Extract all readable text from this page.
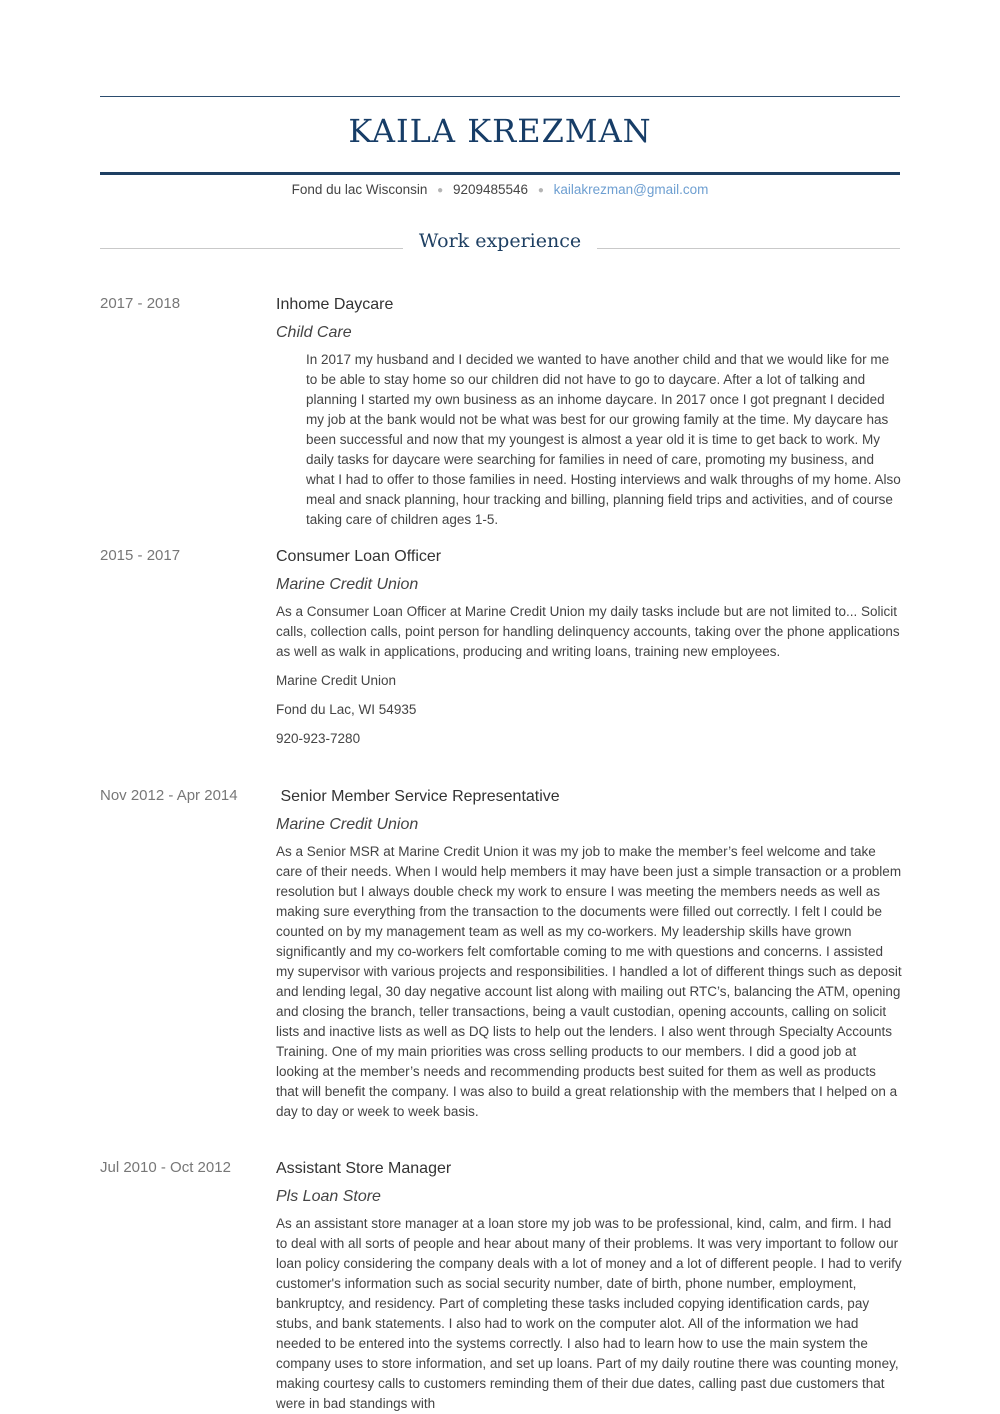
KAILA KREZMAN
Fond du lac Wisconsin ● 9209485546 ● kailakrezman@gmail.com
Work experience
2017 - 2018	Inhome Daycare

Child Care

In 2017 my husband and I decided we wanted to have another child and that we would like for me to be able to stay home so our children did not have to go to daycare. After a lot of talking and planning I started my own business as an inhome daycare. In 2017 once I got pregnant I decided my job at the bank would not be what was best for our growing family at the time. My daycare has been successful and now that my youngest is almost a year old it is time to get back to work. My daily tasks for daycare were searching for families in need of care, promoting my business, and what I had to offer to those families in need. Hosting interviews and walk throughs of my home. Also meal and snack planning, hour tracking and billing, planning field trips and activities, and of course taking care of children ages 1-5.

2015 - 2017	Consumer Loan Officer

Marine Credit Union

As a Consumer Loan Officer at Marine Credit Union my daily tasks include but are not limited to... Solicit calls, collection calls, point person for handling delinquency accounts, taking over the phone applications as well as walk in applications, producing and writing loans, training new employees.

Marine Credit Union

Fond du Lac, WI 54935

920-923-7280

Nov 2012 - Apr 2014	Senior Member Service Representative

Marine Credit Union

As a Senior MSR at Marine Credit Union it was my job to make the member’s feel welcome and take care of their needs. When I would help members it may have been just a simple transaction or a problem resolution but I always double check my work to ensure I was meeting the members needs as well as making sure everything from the transaction to the documents were filled out correctly. I felt I could be counted on by my management team as well as my co-workers. My leadership skills have grown significantly and my co-workers felt comfortable coming to me with questions and concerns. I assisted my supervisor with various projects and responsibilities. I handled a lot of different things such as deposit and lending legal, 30 day negative account list along with mailing out RTC’s, balancing the ATM, opening and closing the branch, teller transactions, being a vault custodian, opening accounts, calling on solicit lists and inactive lists as well as DQ lists to help out the lenders. I also went through Specialty Accounts Training. One of my main priorities was cross selling products to our members. I did a good job at looking at the member’s needs and recommending products best suited for them as well as products that will benefit the company. I was also to build a great relationship with the members that I helped on a day to day or week to week basis.

Jul 2010 - Oct 2012	Assistant Store Manager

Pls Loan Store

As an assistant store manager at a loan store my job was to be professional, kind, calm, and firm. I had to deal with all sorts of people and hear about many of their problems. It was very important to follow our loan policy considering the company deals with a lot of money and a lot of different people. I had to verify customer's information such as social security number, date of birth, phone number, employment, bankruptcy, and residency. Part of completing these tasks included copying identification cards, pay stubs, and bank statements. I also had to work on the computer alot. All of the information we had needed to be entered into the systems correctly. I also had to learn how to use the main system the company uses to store information, and set up loans. Part of my daily routine there was counting money, making courtesy calls to customers reminding them of their due dates, calling past due customers that were in bad standings with
